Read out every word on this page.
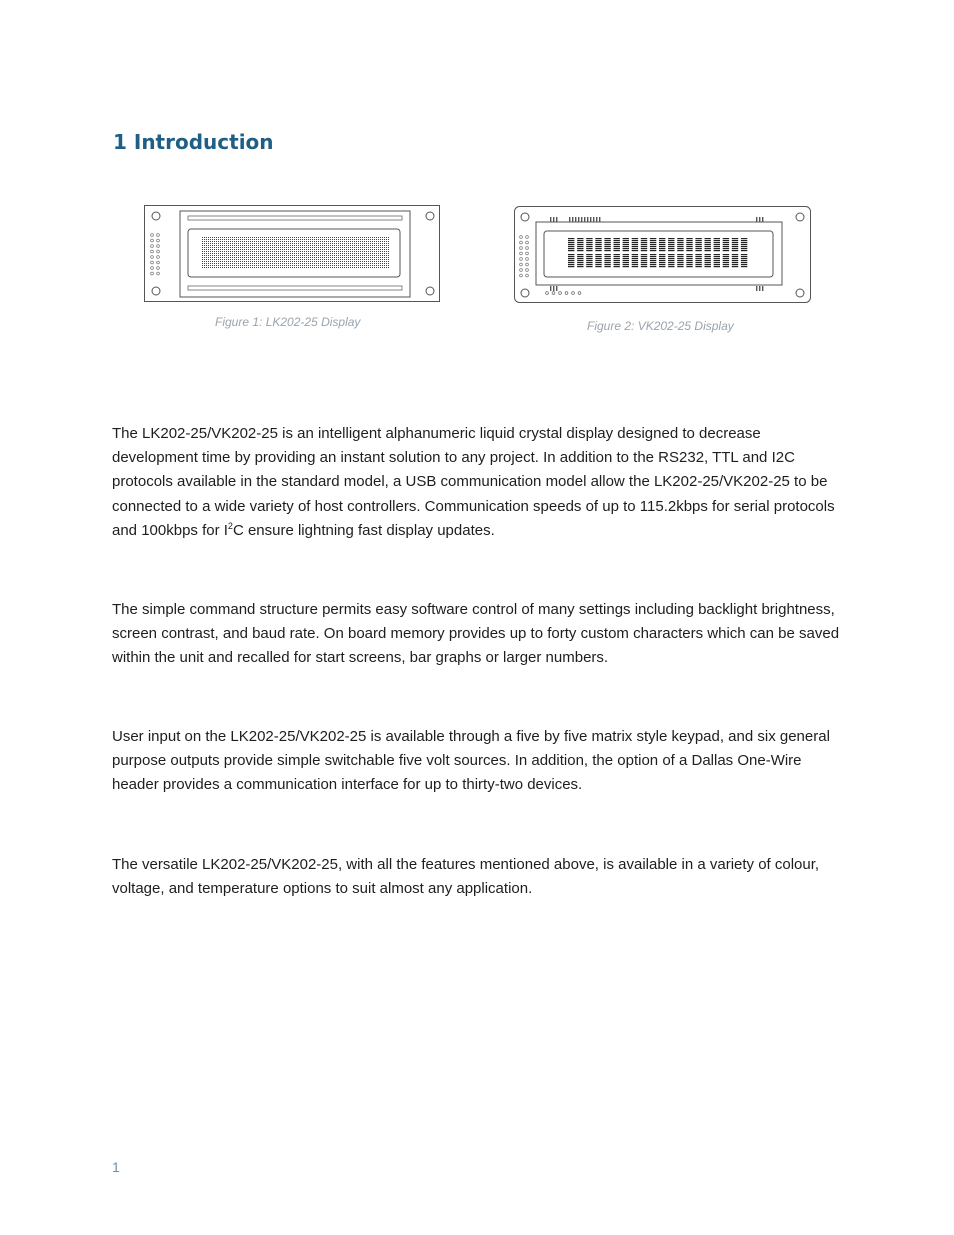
1 Introduction
Figure 1: LK202-25 Display	Figure 2: VK202-25 Display

The LK202-25/VK202-25 is an intelligent alphanumeric liquid crystal display designed to decrease development time by providing an instant solution to any project. In addition to the RS232, TTL and I2C protocols available in the standard model, a USB communication model allow the LK202-25/VK202-25 to be connected to a wide variety of host controllers. Communication speeds of up to 115.2kbps for serial protocols and 100kbps for $I^2C$ ensure lightning fast display updates.

The simple command structure permits easy software control of many settings including backlight brightness, screen contrast, and baud rate. On board memory provides up to forty custom characters which can be saved within the unit and recalled for start screens, bar graphs or larger numbers.

User input on the LK202-25/VK202-25 is available through a five by five matrix style keypad, and six general purpose outputs provide simple switchable five volt sources. In addition, the option of a Dallas One-Wire header provides a communication interface for up to thirty-two devices.

The versatile LK202-25/VK202-25, with all the features mentioned above, is available in a variety of colour, voltage, and temperature options to suit almost any application.

1
